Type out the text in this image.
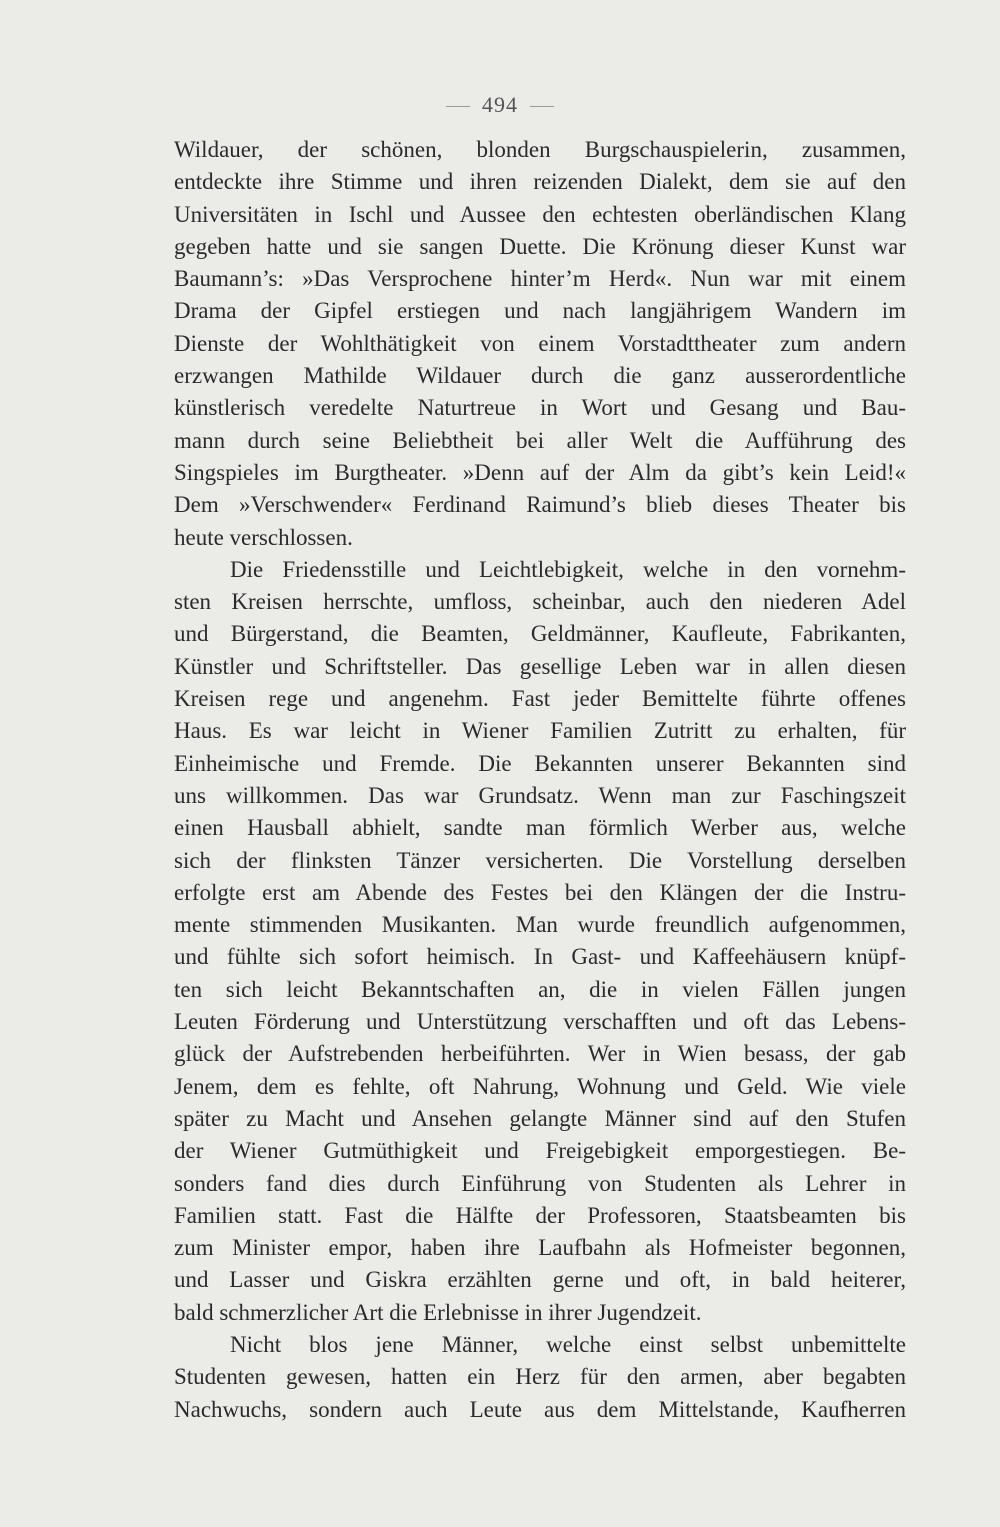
494
Wildauer, der schönen, blonden Burgschauspielerin, zusammen,
entdeckte ihre Stimme und ihren reizenden Dialekt, dem sie auf den
Universitäten in Ischl und Aussee den echtesten oberländischen Klang
gegeben hatte und sie sangen Duette. Die Krönung dieser Kunst war
Baumann’s: »Das Versprochene hinter’m Herd«. Nun war mit einem
Drama der Gipfel erstiegen und nach langjährigem Wandern im
Dienste der Wohlthätigkeit von einem Vorstadttheater zum andern
erzwangen Mathilde Wildauer durch die ganz ausserordentliche
künstlerisch veredelte Naturtreue in Wort und Gesang und Bau-
mann durch seine Beliebtheit bei aller Welt die Aufführung des
Singspieles im Burgtheater. »Denn auf der Alm da gibt’s kein Leid!«
Dem »Verschwender« Ferdinand Raimund’s blieb dieses Theater bis
heute verschlossen.
Die Friedensstille und Leichtlebigkeit, welche in den vornehm-
sten Kreisen herrschte, umfloss, scheinbar, auch den niederen Adel
und Bürgerstand, die Beamten, Geldmänner, Kaufleute, Fabrikanten,
Künstler und Schriftsteller. Das gesellige Leben war in allen diesen
Kreisen rege und angenehm. Fast jeder Bemittelte führte offenes
Haus. Es war leicht in Wiener Familien Zutritt zu erhalten, für
Einheimische und Fremde. Die Bekannten unserer Bekannten sind
uns willkommen. Das war Grundsatz. Wenn man zur Faschingszeit
einen Hausball abhielt, sandte man förmlich Werber aus, welche
sich der flinksten Tänzer versicherten. Die Vorstellung derselben
erfolgte erst am Abende des Festes bei den Klängen der die Instru-
mente stimmenden Musikanten. Man wurde freundlich aufgenommen,
und fühlte sich sofort heimisch. In Gast- und Kaffeehäusern knüpf-
ten sich leicht Bekanntschaften an, die in vielen Fällen jungen
Leuten Förderung und Unterstützung verschafften und oft das Lebens-
glück der Aufstrebenden herbeiführten. Wer in Wien besass, der gab
Jenem, dem es fehlte, oft Nahrung, Wohnung und Geld. Wie viele
später zu Macht und Ansehen gelangte Männer sind auf den Stufen
der Wiener Gutmüthigkeit und Freigebigkeit emporgestiegen. Be-
sonders fand dies durch Einführung von Studenten als Lehrer in
Familien statt. Fast die Hälfte der Professoren, Staatsbeamten bis
zum Minister empor, haben ihre Laufbahn als Hofmeister begonnen,
und Lasser und Giskra erzählten gerne und oft, in bald heiterer,
bald schmerzlicher Art die Erlebnisse in ihrer Jugendzeit.
Nicht blos jene Männer, welche einst selbst unbemittelte
Studenten gewesen, hatten ein Herz für den armen, aber begabten
Nachwuchs, sondern auch Leute aus dem Mittelstande, Kaufherren
